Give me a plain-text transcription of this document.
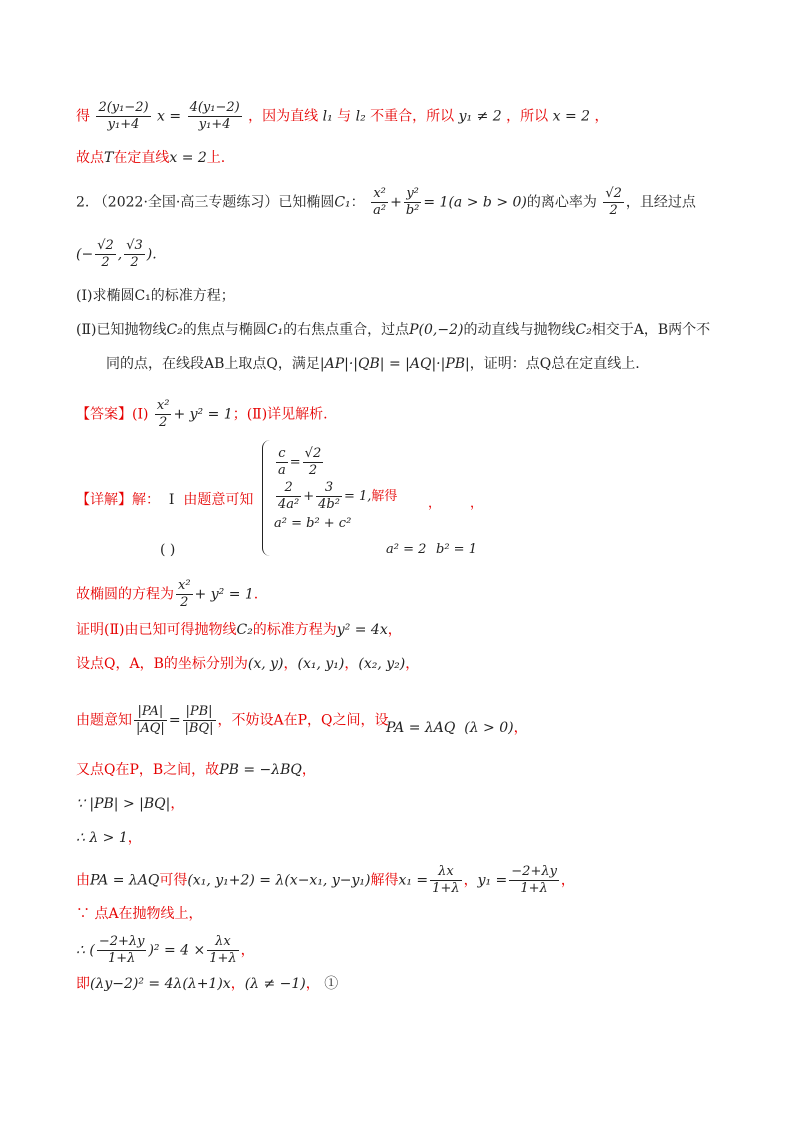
得 $\frac{\text{2(y₁−2)}}{\text{y₁+4}}$ $x = \frac{\text{4(y₁−2)}}{\text{y₁+4}}$ ，因为直线 l₁ 与 l₂ 不重合，所以 y₁ ≠ 2 ，所以 x = 2 ，
故点T在定直线x = 2上.
2. （2022·全国·高三专题练习）已知椭圆C₁： $\frac{\text{x²}}{\text{a²}} + \frac{\text{y²}}{\text{b²}} = 1(a > b > 0)$的离心率为 $\frac{√2}{2}$ ，且经过点
(− $\frac{√2}{2}$ , $\frac{√3}{2}$ ).
(Ⅰ)求椭圆C₁的标准方程；
(Ⅱ)已知抛物线C₂的焦点与椭圆C₁的右焦点重合，过点P(0,−2)的动直线与抛物线C₂相交于A，B两个不
同的点，在线段AB上取点Q，满足|AP|·|QB| = |AQ|·|PB|，证明：点Q总在定直线上.
【答案】(Ⅰ) $\frac{\text{x²}}{2} + y^2 = 1$；(Ⅱ)详见解析.
【详解】解： Ⅰ 由题意可知
( )
$\frac{c}{a} = \frac{√2}{2}$
$\frac{2}{\text{4a²}} + \frac{3}{\text{4b²}} = 1$,解得
a² = b² + c²
， ，
a² = 2 b² = 1
故椭圆的方程为 $\frac{\text{x²}}{2} + y^2 = 1$.
证明(Ⅱ)由已知可得抛物线C₂的标准方程为y² = 4x，
设点Q，A，B的坐标分别为(x, y)，(x₁, y₁)，(x₂, y₂)，
由题意知 $\frac{|PA|}{|AQ|} = \frac{|PB|}{|BQ|}$ ，不妨设A在P，Q之间，设
PA = λAQ (λ > 0)，
又点Q在P，B之间，故PB = −λBQ，
∵ |PB| > |BQ|，
∴ λ > 1，
由PA = λAQ可得(x₁, y₁+2) = λ(x−x₁, y−y₁)解得$x_1 = \frac{\lambda x}{1+\lambda}$ ，$y_1 = \frac{-2+\lambda y}{1+\lambda}$ ，
∵ 点A在抛物线上，
∴ ( $\frac{-2+\lambda y}{1+\lambda} )^2 = 4 \times \frac{\lambda x}{1+\lambda}$ ，
即(λy−2)² = 4λ(λ+1)x，(λ ≠ −1)， ①
